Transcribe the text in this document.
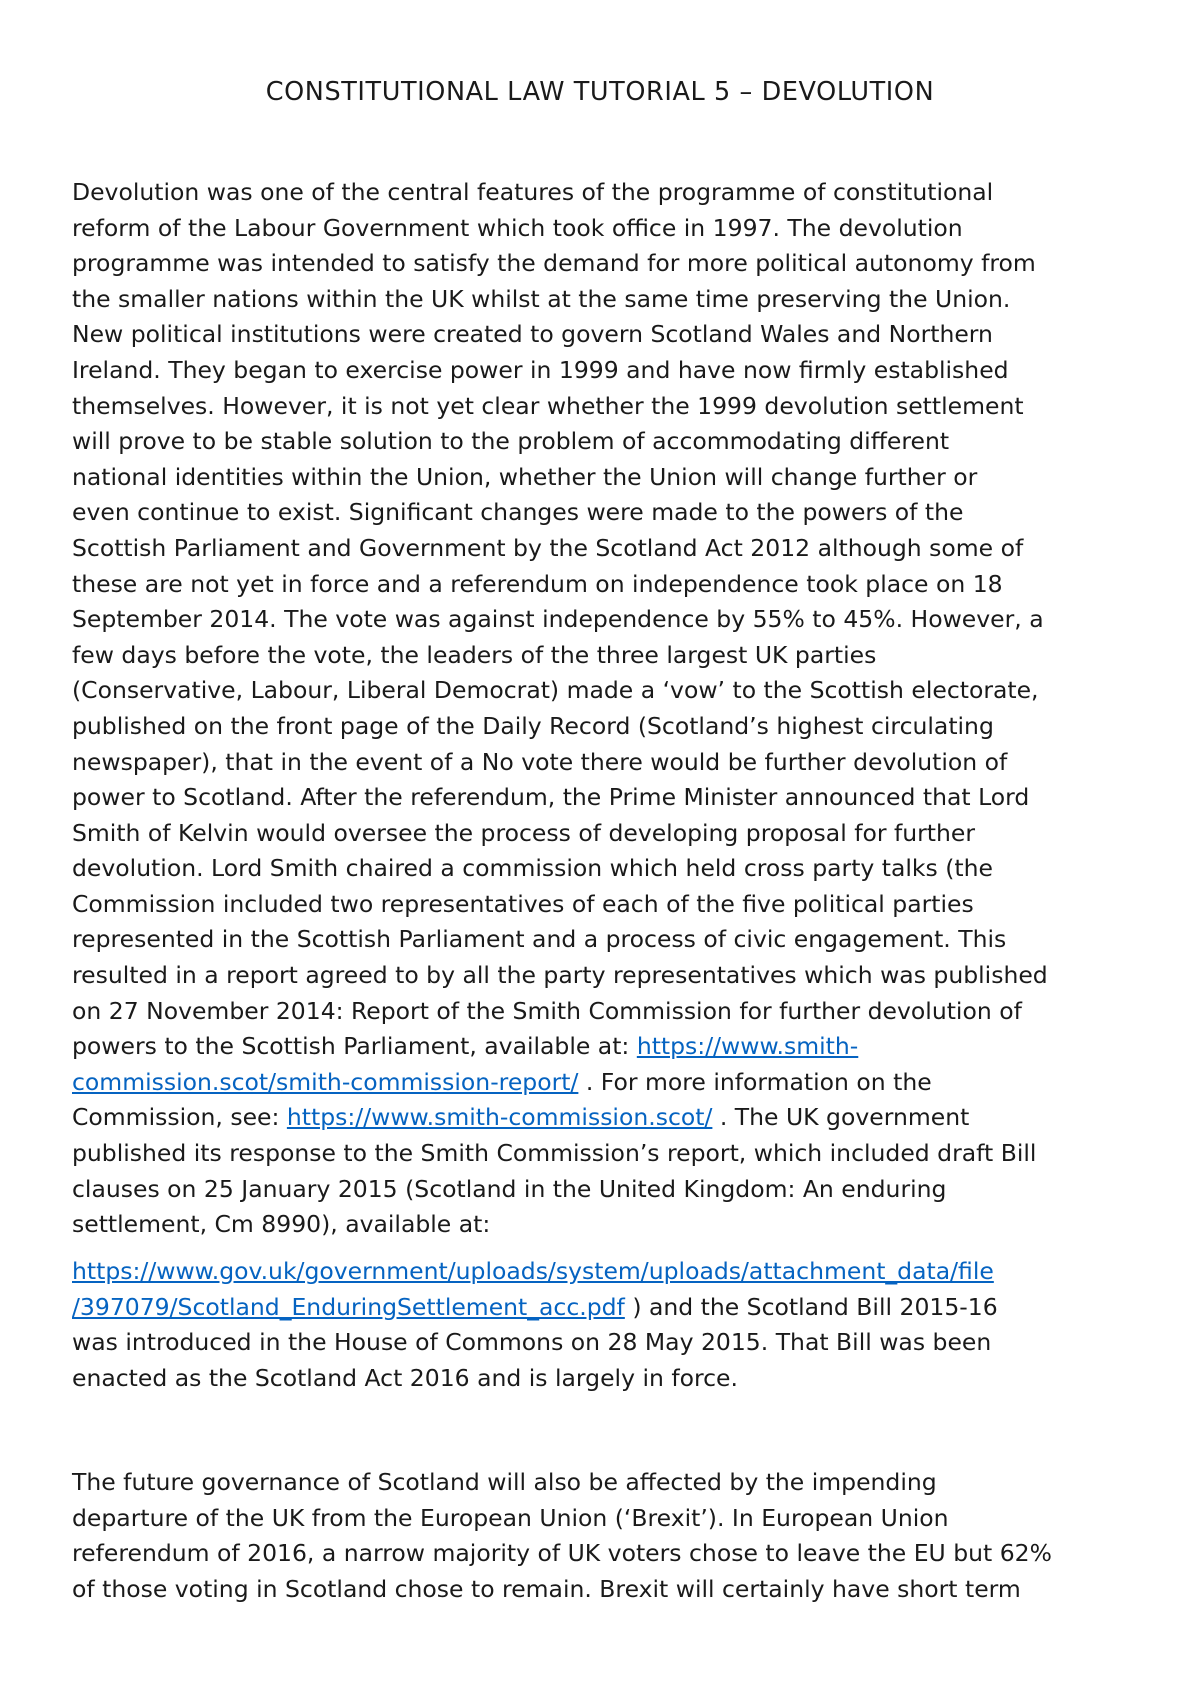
CONSTITUTIONAL LAW TUTORIAL 5 – DEVOLUTION

Devolution was one of the central features of the programme of constitutional

reform of the Labour Government which took office in 1997. The devolution

programme was intended to satisfy the demand for more political autonomy from

the smaller nations within the UK whilst at the same time preserving the Union.

New political institutions were created to govern Scotland Wales and Northern

Ireland. They began to exercise power in 1999 and have now firmly established

themselves. However, it is not yet clear whether the 1999 devolution settlement

will prove to be stable solution to the problem of accommodating different

national identities within the Union, whether the Union will change further or

even continue to exist. Significant changes were made to the powers of the

Scottish Parliament and Government by the Scotland Act 2012 although some of

these are not yet in force and a referendum on independence took place on 18

September 2014. The vote was against independence by 55% to 45%. However, a

few days before the vote, the leaders of the three largest UK parties

(Conservative, Labour, Liberal Democrat) made a ‘vow’ to the Scottish electorate,

published on the front page of the Daily Record (Scotland’s highest circulating

newspaper), that in the event of a No vote there would be further devolution of

power to Scotland. After the referendum, the Prime Minister announced that Lord

Smith of Kelvin would oversee the process of developing proposal for further

devolution. Lord Smith chaired a commission which held cross party talks (the

Commission included two representatives of each of the five political parties

represented in the Scottish Parliament and a process of civic engagement. This

resulted in a report agreed to by all the party representatives which was published

on 27 November 2014: Report of the Smith Commission for further devolution of

powers to the Scottish Parliament, available at: https://www.smith-

commission.scot/smith-commission-report/ . For more information on the

Commission, see: https://www.smith-commission.scot/ . The UK government

published its response to the Smith Commission’s report, which included draft Bill

clauses on 25 January 2015 (Scotland in the United Kingdom: An enduring

settlement, Cm 8990), available at:

https://www.gov.uk/government/uploads/system/uploads/attachment_data/file

/397079/Scotland_EnduringSettlement_acc.pdf ) and the Scotland Bill 2015-16

was introduced in the House of Commons on 28 May 2015. That Bill was been

enacted as the Scotland Act 2016 and is largely in force.

The future governance of Scotland will also be affected by the impending

departure of the UK from the European Union (‘Brexit’). In European Union

referendum of 2016, a narrow majority of UK voters chose to leave the EU but 62%

of those voting in Scotland chose to remain. Brexit will certainly have short term
